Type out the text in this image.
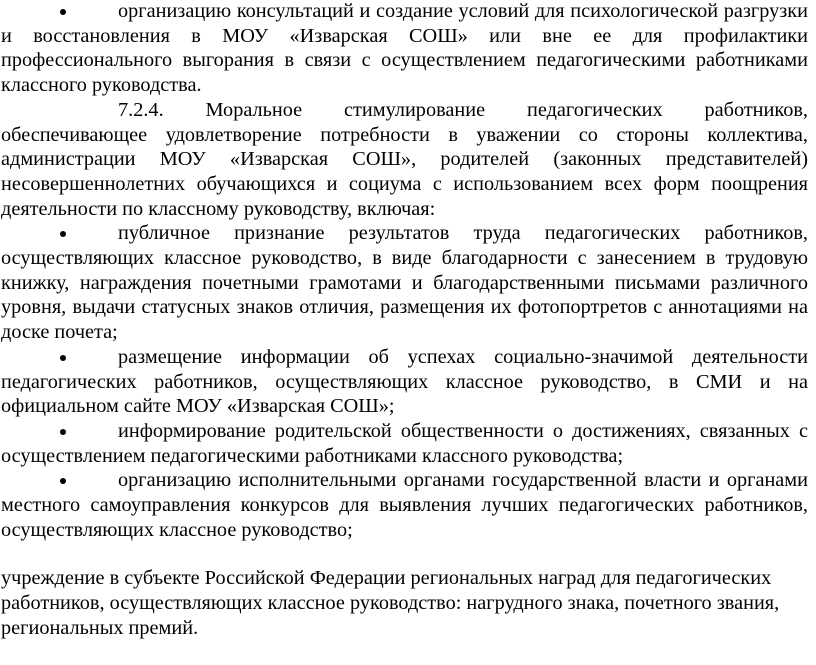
организацию консультаций и создание условий для психологической разгрузки и восстановления в МОУ «Изварская СОШ» или вне ее для профилактики профессионального выгорания в связи с осуществлением педагогическими работниками классного руководства.

7.2.4. Моральное стимулирование педагогических работников, обеспечивающее удовлетворение потребности в уважении со стороны коллектива, администрации МОУ «Изварская СОШ», родителей (законных представителей) несовершеннолетних обучающихся и социума с использованием всех форм поощрения деятельности по классному руководству, включая:

публичное признание результатов труда педагогических работников, осуществляющих классное руководство, в виде благодарности с занесением в трудовую книжку, награждения почетными грамотами и благодарственными письмами различного уровня, выдачи статусных знаков отличия, размещения их фотопортретов с аннотациями на доске почета;

размещение информации об успехах социально-значимой деятельности педагогических работников, осуществляющих классное руководство, в СМИ и на официальном сайте МОУ «Изварская СОШ»;

информирование родительской общественности о достижениях, связанных с осуществлением педагогическими работниками классного руководства;

организацию исполнительными органами государственной власти и органами местного самоуправления конкурсов для выявления лучших педагогических работников, осуществляющих классное руководство;

учреждение в субъекте Российской Федерации региональных наград для педагогических работников, осуществляющих классное руководство: нагрудного знака, почетного звания, региональных премий.
